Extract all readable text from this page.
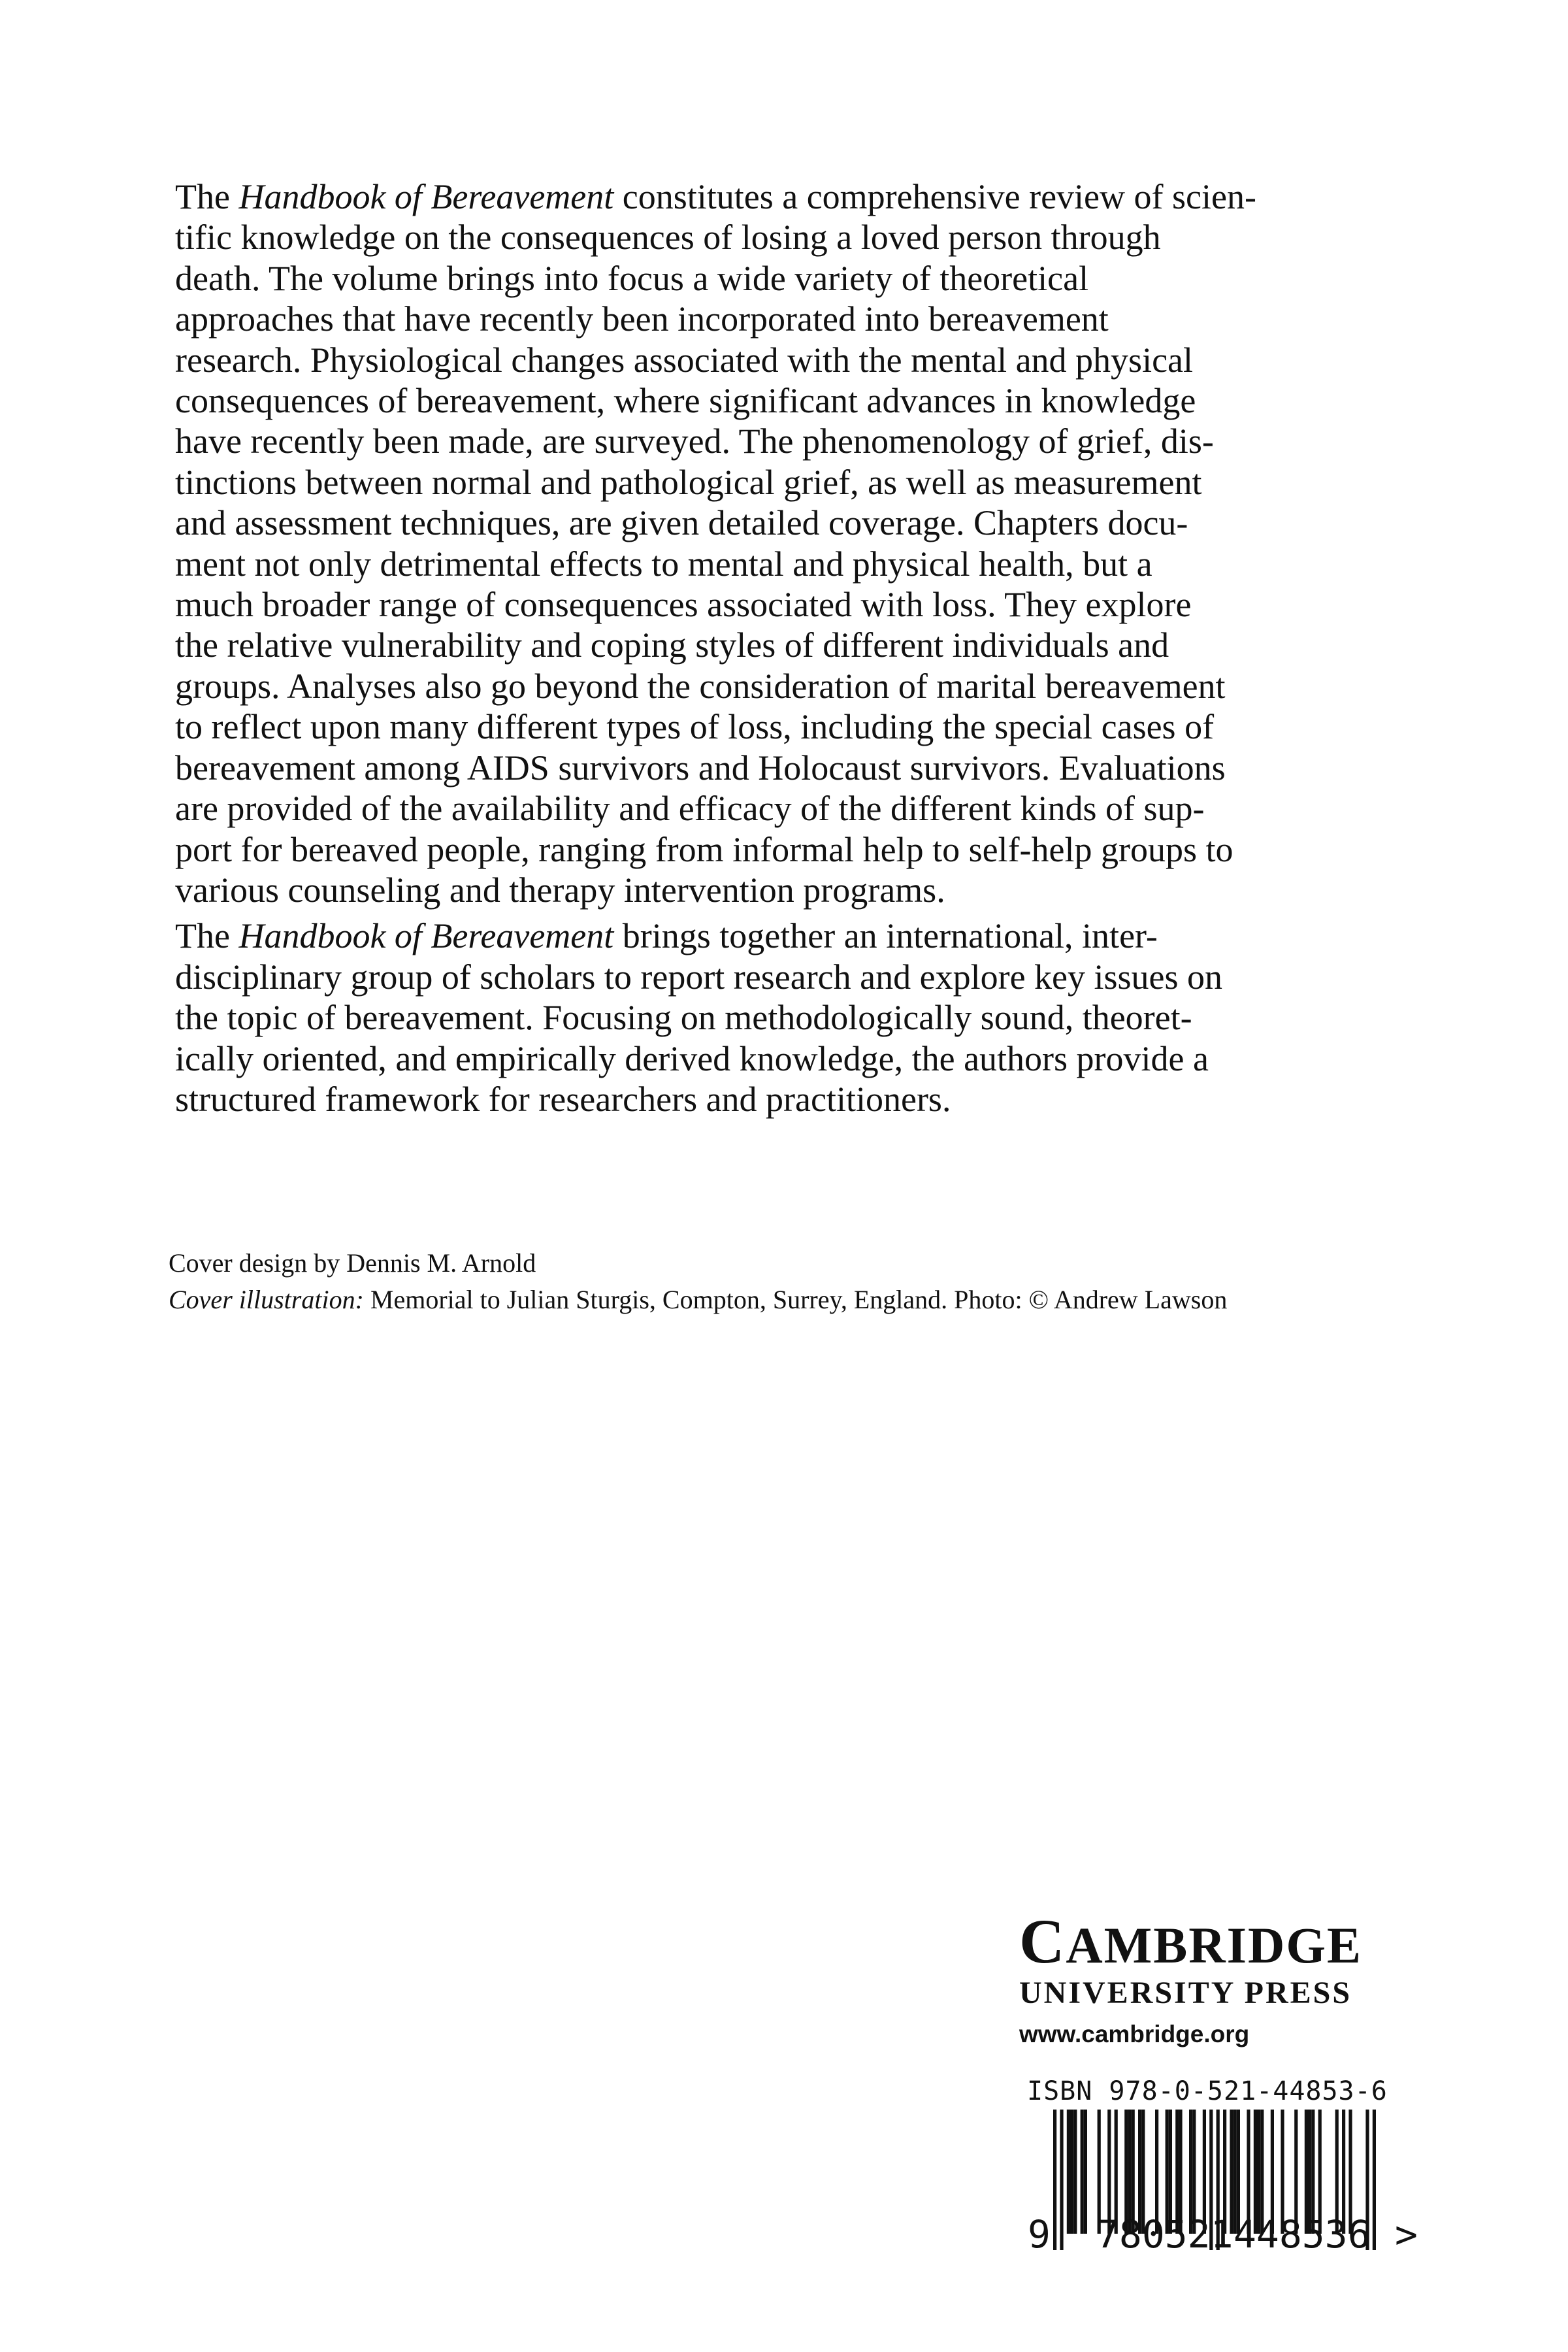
The Handbook of Bereavement constitutes a comprehensive review of scien-
tific knowledge on the consequences of losing a loved person through
death. The volume brings into focus a wide variety of theoretical
approaches that have recently been incorporated into bereavement
research. Physiological changes associated with the mental and physical
consequences of bereavement, where significant advances in knowledge
have recently been made, are surveyed. The phenomenology of grief, dis-
tinctions between normal and pathological grief, as well as measurement
and assessment techniques, are given detailed coverage. Chapters docu-
ment not only detrimental effects to mental and physical health, but a
much broader range of consequences associated with loss. They explore
the relative vulnerability and coping styles of different individuals and
groups. Analyses also go beyond the consideration of marital bereavement
to reflect upon many different types of loss, including the special cases of
bereavement among AIDS survivors and Holocaust survivors. Evaluations
are provided of the availability and efficacy of the different kinds of sup-
port for bereaved people, ranging from informal help to self-help groups to
various counseling and therapy intervention programs.

The Handbook of Bereavement brings together an international, inter-
disciplinary group of scholars to report research and explore key issues on
the topic of bereavement. Focusing on methodologically sound, theoret-
ically oriented, and empirically derived knowledge, the authors provide a
structured framework for researchers and practitioners.

Cover design by Dennis M. Arnold
Cover illustration: Memorial to Julian Sturgis, Compton, Surrey, England. Photo: © Andrew Lawson
CAMBRIDGE
UNIVERSITY PRESS
www.cambridge.org
ISBN 978-0-521-44853-6
9 780521 448536 >
